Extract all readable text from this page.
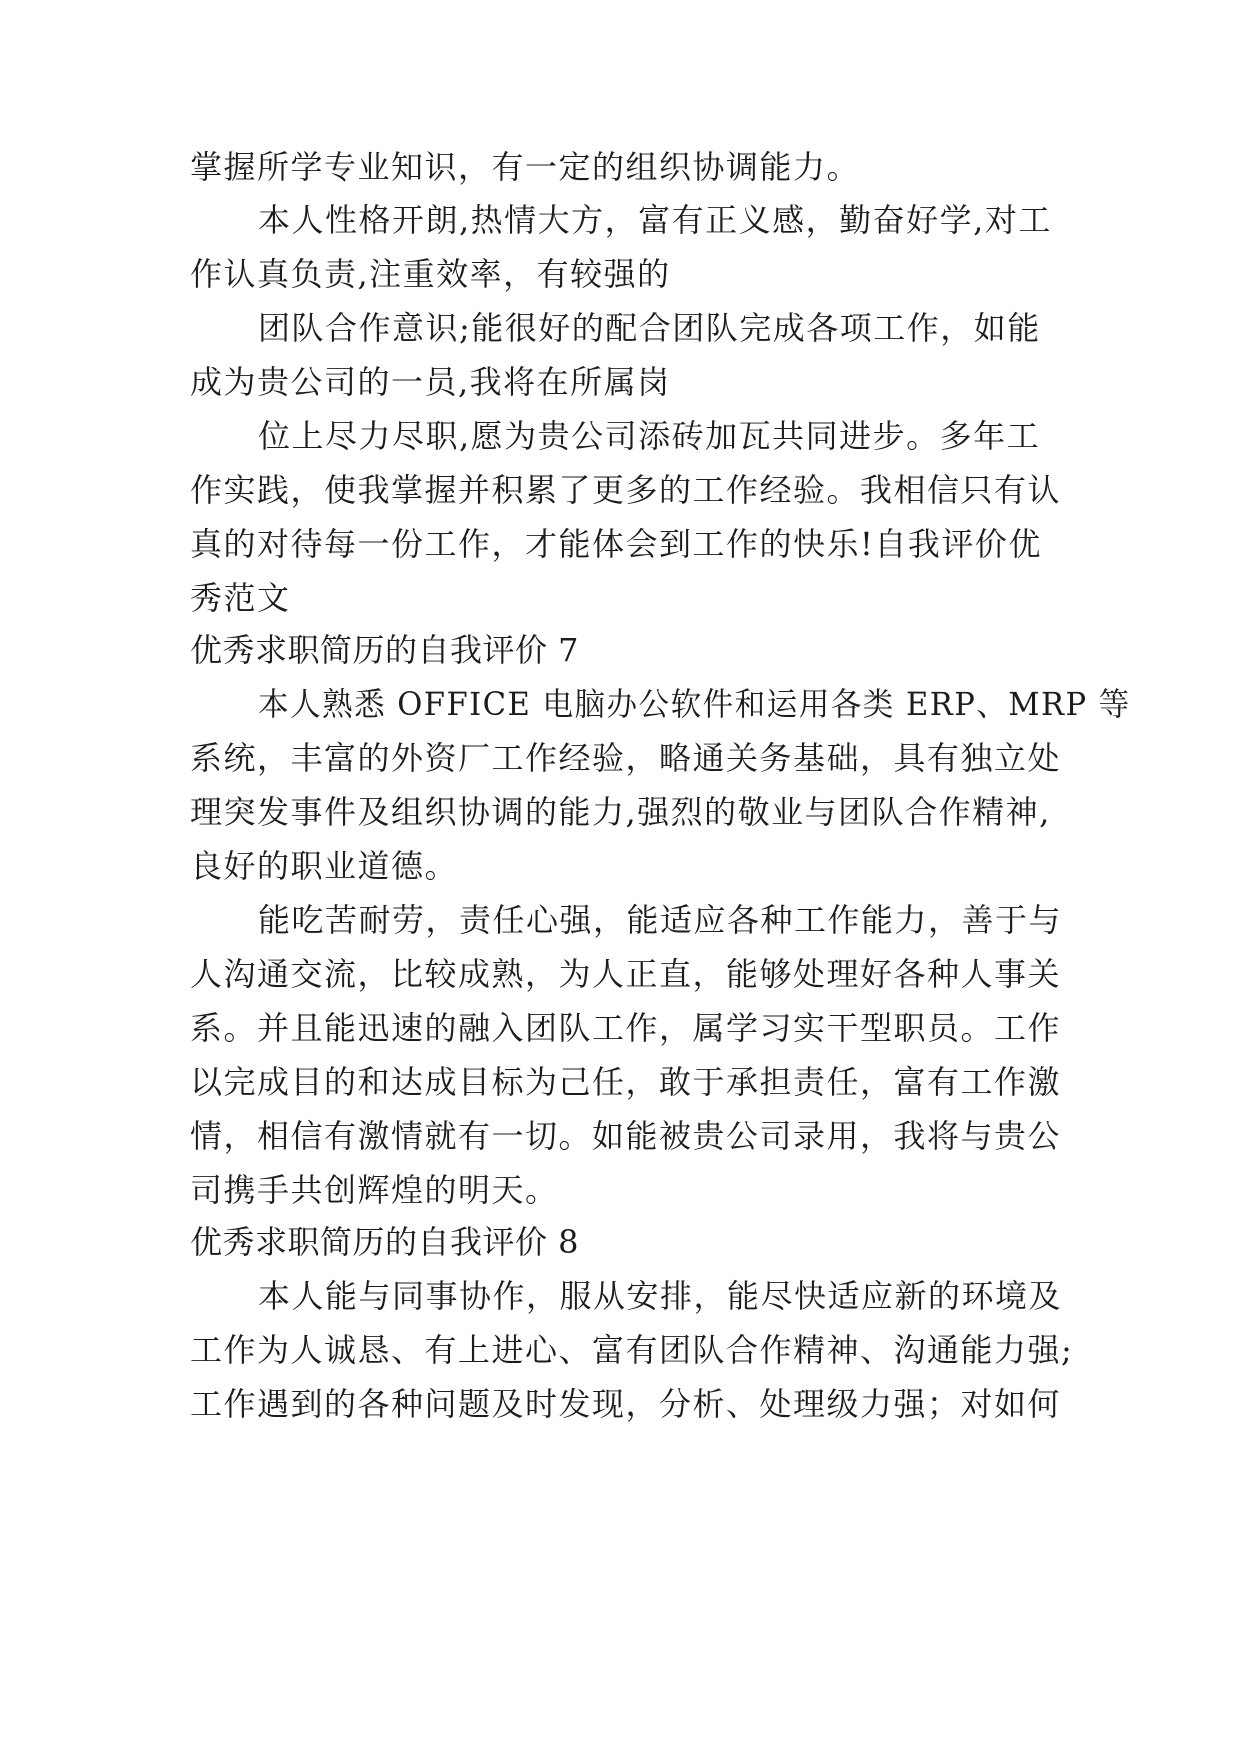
掌握所学专业知识，有一定的组织协调能力。
本人性格开朗,热情大方，富有正义感，勤奋好学,对工
作认真负责,注重效率，有较强的
团队合作意识;能很好的配合团队完成各项工作，如能
成为贵公司的一员,我将在所属岗
位上尽力尽职,愿为贵公司添砖加瓦共同进步。多年工
作实践，使我掌握并积累了更多的工作经验。我相信只有认
真的对待每一份工作，才能体会到工作的快乐!自我评价优
秀范文
优秀求职简历的自我评价 7
本人熟悉 OFFICE 电脑办公软件和运用各类 ERP、MRP 等
系统，丰富的外资厂工作经验，略通关务基础，具有独立处
理突发事件及组织协调的能力,强烈的敬业与团队合作精神,
良好的职业道德。
能吃苦耐劳，责任心强，能适应各种工作能力，善于与
人沟通交流，比较成熟，为人正直，能够处理好各种人事关
系。并且能迅速的融入团队工作，属学习实干型职员。工作
以完成目的和达成目标为己任，敢于承担责任，富有工作激
情，相信有激情就有一切。如能被贵公司录用，我将与贵公
司携手共创辉煌的明天。
优秀求职简历的自我评价 8
本人能与同事协作，服从安排，能尽快适应新的环境及
工作为人诚恳、有上进心、富有团队合作精神、沟通能力强;
工作遇到的各种问题及时发现，分析、处理级力强；对如何
